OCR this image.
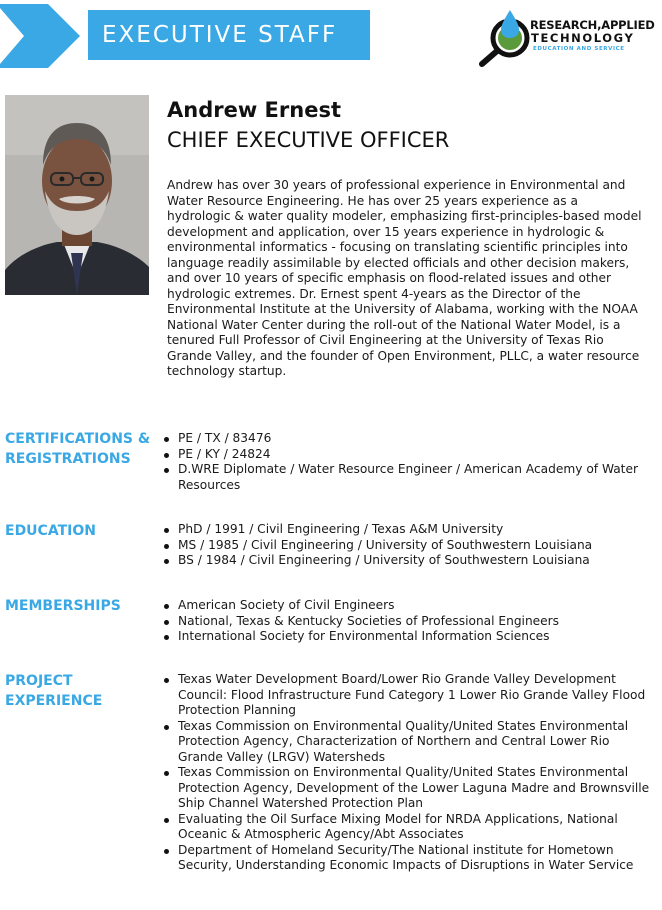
EXECUTIVE STAFF	RESEARCH,APPLIED
TECHNOLOGY
EDUCATION AND SERVICE
Andrew Ernest
CHIEF EXECUTIVE OFFICER

Andrew has over 30 years of professional experience in Environmental and Water Resource Engineering. He has over 25 years experience as a hydrologic & water quality modeler, emphasizing first-principles-based model development and application, over 15 years experience in hydrologic & environmental informatics - focusing on translating scientific principles into language readily assimilable by elected officials and other decision makers, and over 10 years of specific emphasis on flood-related issues and other hydrologic extremes. Dr. Ernest spent 4-years as the Director of the Environmental Institute at the University of Alabama, working with the NOAA National Water Center during the roll-out of the National Water Model, is a tenured Full Professor of Civil Engineering at the University of Texas Rio Grande Valley, and the founder of Open Environment, PLLC, a water resource technology startup.

CERTIFICATIONS & REGISTRATIONS
PE / TX / 83476
PE / KY / 24824
D.WRE Diplomate / Water Resource Engineer / American Academy of Water Resources
EDUCATION	PhD / 1991 / Civil Engineering / Texas A&M University
MS / 1985 / Civil Engineering / University of Southwestern Louisiana
BS / 1984 / Civil Engineering / University of Southwestern Louisiana
MEMBERSHIPS	American Society of Civil Engineers
National, Texas & Kentucky Societies of Professional Engineers
International Society for Environmental Information Sciences
PROJECT EXPERIENCE
Texas Water Development Board/Lower Rio Grande Valley Development Council: Flood Infrastructure Fund Category 1 Lower Rio Grande Valley Flood Protection Planning
Texas Commission on Environmental Quality/United States Environmental Protection Agency, Characterization of Northern and Central Lower Rio Grande Valley (LRGV) Watersheds
Texas Commission on Environmental Quality/United States Environmental Protection Agency, Development of the Lower Laguna Madre and Brownsville Ship Channel Watershed Protection Plan
Evaluating the Oil Surface Mixing Model for NRDA Applications, National Oceanic & Atmospheric Agency/Abt Associates
Department of Homeland Security/The National institute for Hometown Security, Understanding Economic Impacts of Disruptions in Water Service
